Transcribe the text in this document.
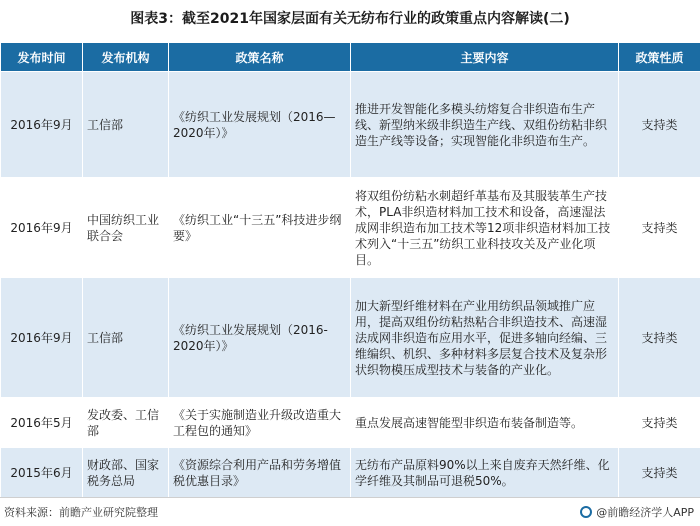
图表3：截至2021年国家层面有关无纺布行业的政策重点内容解读(二)
发布时间	发布机构	政策名称	主要内容	政策性质
2016年9月	工信部	《纺织工业发展规划（2016—2020年）》	推进开发智能化多模头纺熔复合非织造布生产线、新型纳米级非织造生产线、双组份纺粘非织造生产线等设备；实现智能化非织造布生产。	支持类
2016年9月	中国纺织工业联合会	《纺织工业“十三五”科技进步纲要》	将双组份纺粘水刺超纤革基布及其服装革生产技术，PLA非织造材料加工技术和设备，高速湿法成网非织造布加工技术等12项非织造材料加工技术列入“十三五”纺织工业科技攻关及产业化项目。	支持类
2016年9月	工信部	《纺织工业发展规划（2016-2020年）》	加大新型纤维材料在产业用纺织品领域推广应用，提高双组份纺粘热粘合非织造技术、高速湿法成网非织造布应用水平，促进多轴向经编、三维编织、机织、多种材料多层复合技术及复杂形状织物模压成型技术与装备的产业化。	支持类
2016年5月	发改委、工信部	《关于实施制造业升级改造重大工程包的通知》	重点发展高速智能型非织造布装备制造等。	支持类
2015年6月	财政部、国家税务总局	《资源综合利用产品和劳务增值税优惠目录》	无纺布产品原料90%以上来自废弃天然纤维、化学纤维及其制品可退税50%。	支持类
资料来源：前瞻产业研究院整理	@前瞻经济学人APP
